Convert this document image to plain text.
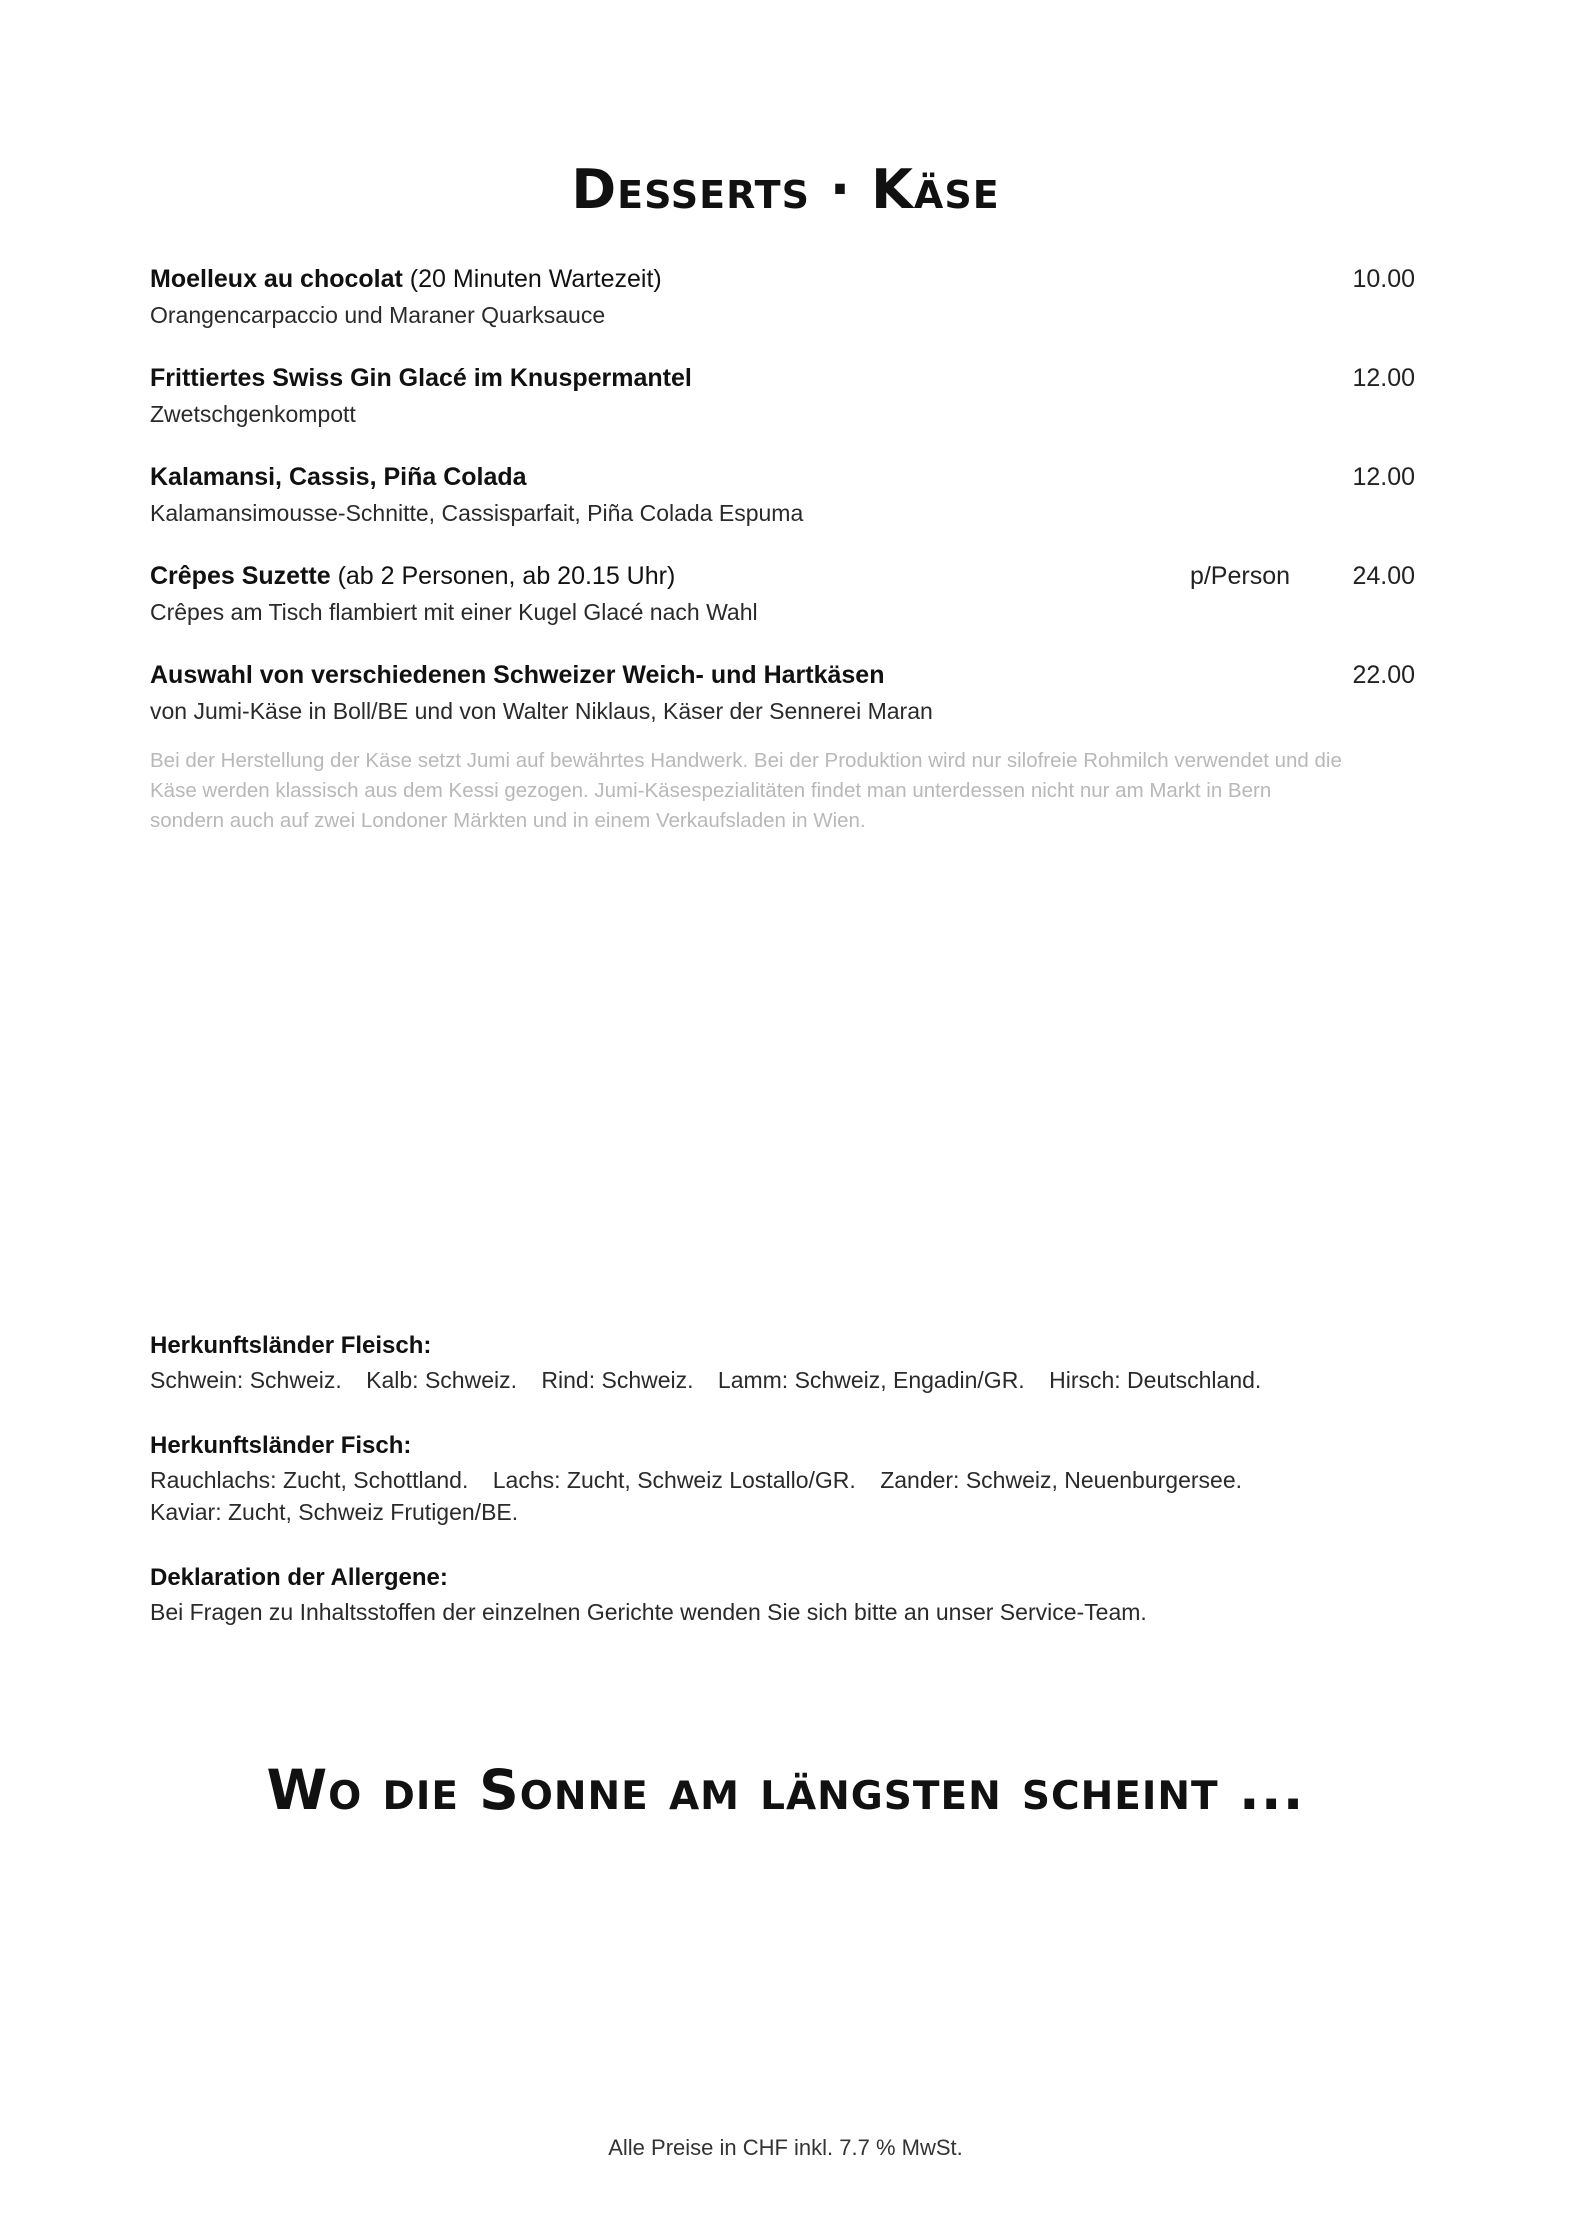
Desserts · Käse
Moelleux au chocolat (20 Minuten Wartezeit)	10.00
Orangencarpaccio und Maraner Quarksauce
Frittiertes Swiss Gin Glacé im Knuspermantel	12.00
Zwetschgenkompott
Kalamansi, Cassis, Piña Colada	12.00
Kalamansimousse-Schnitte, Cassisparfait, Piña Colada Espuma
Crêpes Suzette (ab 2 Personen, ab 20.15 Uhr)	p/Person 24.00
Crêpes am Tisch flambiert mit einer Kugel Glacé nach Wahl
Auswahl von verschiedenen Schweizer Weich- und Hartkäsen	22.00
von Jumi-Käse in Boll/BE und von Walter Niklaus, Käser der Sennerei Maran
Bei der Herstellung der Käse setzt Jumi auf bewährtes Handwerk. Bei der Produktion wird nur silofreie Rohmilch verwendet und die Käse werden klassisch aus dem Kessi gezogen. Jumi-Käsespezialitäten findet man unterdessen nicht nur am Markt in Bern sondern auch auf zwei Londoner Märkten und in einem Verkaufsladen in Wien.
Herkunftsländer Fleisch:
Schwein: Schweiz. Kalb: Schweiz. Rind: Schweiz. Lamm: Schweiz, Engadin/GR. Hirsch: Deutschland.
Herkunftsländer Fisch:
Rauchlachs: Zucht, Schottland. Lachs: Zucht, Schweiz Lostallo/GR. Zander: Schweiz, Neuenburgersee.
Kaviar: Zucht, Schweiz Frutigen/BE.
Deklaration der Allergene:
Bei Fragen zu Inhaltsstoffen der einzelnen Gerichte wenden Sie sich bitte an unser Service-Team.
Wo die Sonne am längsten scheint ...
Alle Preise in CHF inkl. 7.7 % MwSt.
